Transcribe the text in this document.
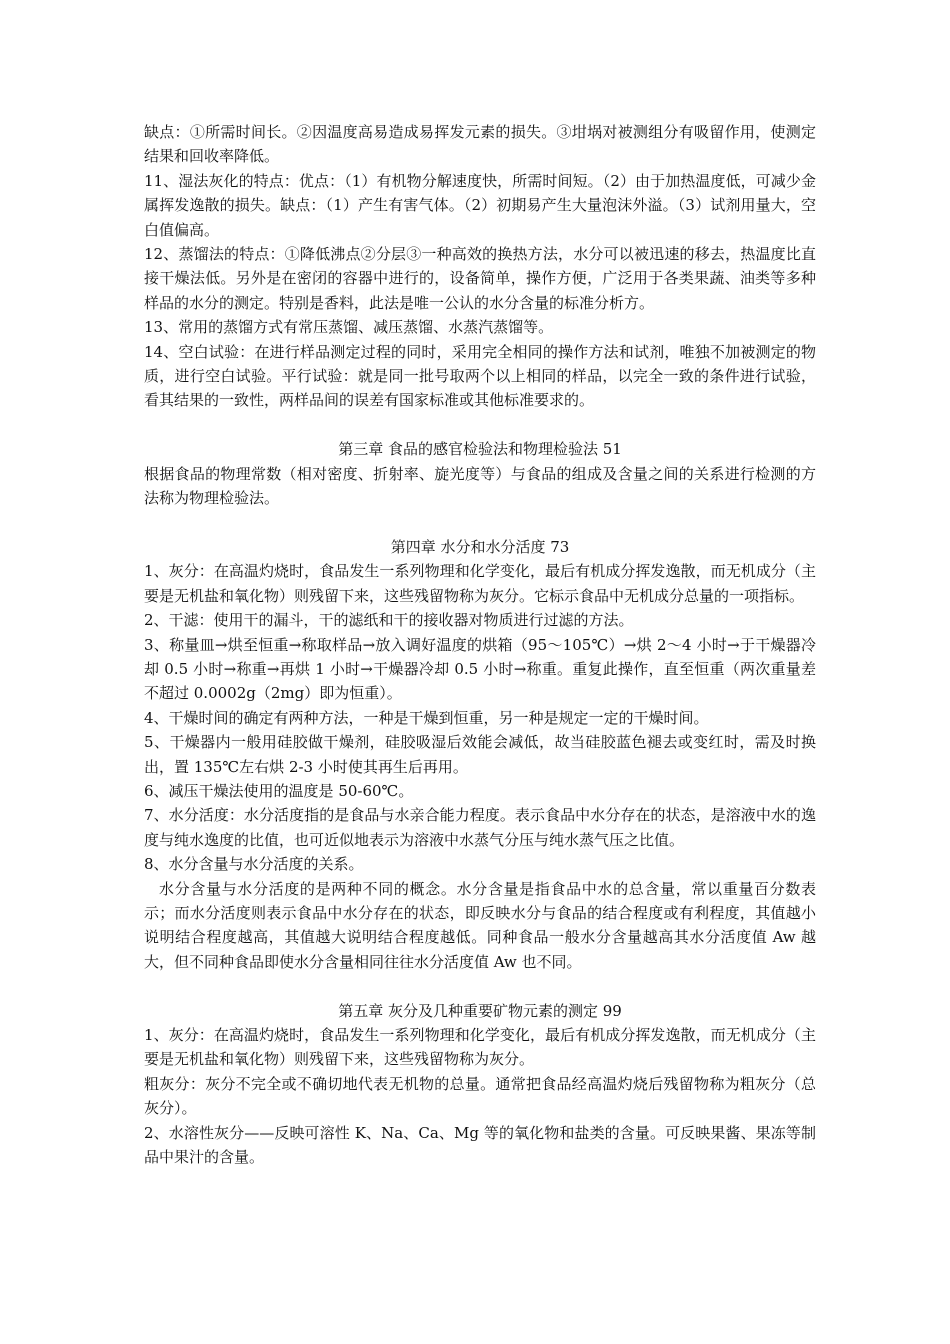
缺点：①所需时间长。②因温度高易造成易挥发元素的损失。③坩埚对被测组分有吸留作用，使测定结果和回收率降低。

11、湿法灰化的特点：优点：（1）有机物分解速度快，所需时间短。（2）由于加热温度低，可减少金属挥发逸散的损失。缺点：（1）产生有害气体。（2）初期易产生大量泡沫外溢。（3）试剂用量大，空白值偏高。

12、蒸馏法的特点：①降低沸点②分层③一种高效的换热方法，水分可以被迅速的移去，热温度比直接干燥法低。另外是在密闭的容器中进行的，设备简单，操作方便，广泛用于各类果蔬、油类等多种样品的水分的测定。特别是香料，此法是唯一公认的水分含量的标准分析方。

13、常用的蒸馏方式有常压蒸馏、减压蒸馏、水蒸汽蒸馏等。

14、空白试验：在进行样品测定过程的同时，采用完全相同的操作方法和试剂，唯独不加被测定的物质，进行空白试验。平行试验：就是同一批号取两个以上相同的样品，以完全一致的条件进行试验，看其结果的一致性，两样品间的误差有国家标准或其他标准要求的。

第三章 食品的感官检验法和物理检验法 51

根据食品的物理常数（相对密度、折射率、旋光度等）与食品的组成及含量之间的关系进行检测的方法称为物理检验法。

第四章 水分和水分活度 73

1、灰分：在高温灼烧时，食品发生一系列物理和化学变化，最后有机成分挥发逸散，而无机成分（主要是无机盐和氧化物）则残留下来，这些残留物称为灰分。它标示食品中无机成分总量的一项指标。

2、干滤：使用干的漏斗，干的滤纸和干的接收器对物质进行过滤的方法。

3、称量皿→烘至恒重→称取样品→放入调好温度的烘箱（95～105℃）→烘 2～4 小时→于干燥器冷却 0.5 小时→称重→再烘 1 小时→干燥器冷却 0.5 小时→称重。重复此操作，直至恒重（两次重量差不超过 0.0002g（2mg）即为恒重）。

4、干燥时间的确定有两种方法，一种是干燥到恒重，另一种是规定一定的干燥时间。

5、干燥器内一般用硅胶做干燥剂，硅胶吸湿后效能会减低，故当硅胶蓝色褪去或变红时，需及时换出，置 135℃左右烘 2-3 小时使其再生后再用。

6、减压干燥法使用的温度是 50-60℃。

7、水分活度：水分活度指的是食品与水亲合能力程度。表示食品中水分存在的状态，是溶液中水的逸度与纯水逸度的比值，也可近似地表示为溶液中水蒸气分压与纯水蒸气压之比值。

8、水分含量与水分活度的关系。

水分含量与水分活度的是两种不同的概念。水分含量是指食品中水的总含量，常以重量百分数表示；而水分活度则表示食品中水分存在的状态，即反映水分与食品的结合程度或有利程度，其值越小说明结合程度越高，其值越大说明结合程度越低。同种食品一般水分含量越高其水分活度值 Aw 越大，但不同种食品即使水分含量相同往往水分活度值 Aw 也不同。

第五章 灰分及几种重要矿物元素的测定 99

1、灰分：在高温灼烧时，食品发生一系列物理和化学变化，最后有机成分挥发逸散，而无机成分（主要是无机盐和氧化物）则残留下来，这些残留物称为灰分。

粗灰分：灰分不完全或不确切地代表无机物的总量。通常把食品经高温灼烧后残留物称为粗灰分（总灰分）。

2、水溶性灰分——反映可溶性 K、Na、Ca、Mg 等的氧化物和盐类的含量。可反映果酱、果冻等制品中果汁的含量。
